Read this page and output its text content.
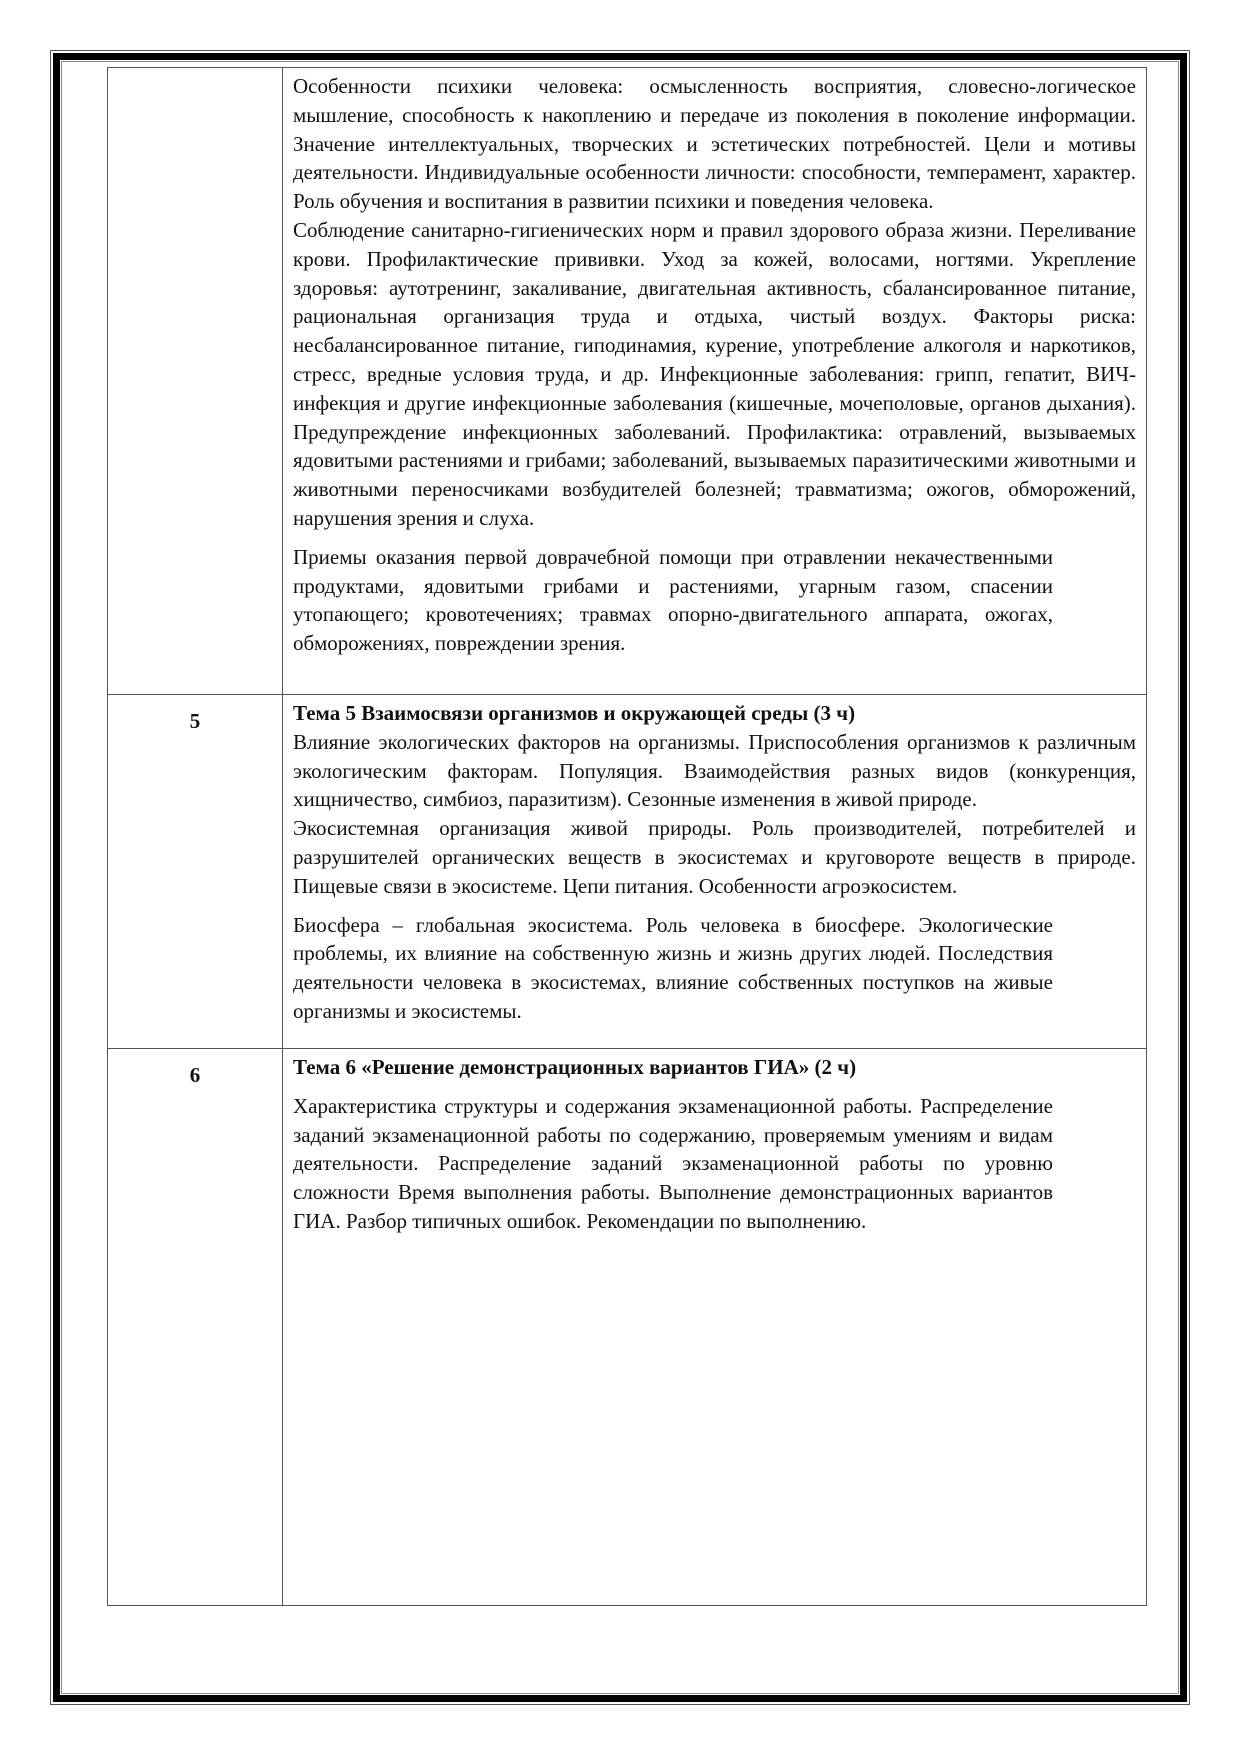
	Особенности психики человека: осмысленность восприятия, словесно-логическое мышление, способность к накоплению и передаче из поколения в поколение информации. Значение интеллектуальных, творческих и эстетических потребностей. Цели и мотивы деятельности. Индивидуальные особенности личности: способности, темперамент, характер. Роль обучения и воспитания в развитии психики и поведения человека.

Соблюдение санитарно-гигиенических норм и правил здорового образа жизни. Переливание крови. Профилактические прививки. Уход за кожей, волосами, ногтями. Укрепление здоровья: аутотренинг, закаливание, двигательная активность, сбалансированное питание, рациональная организация труда и отдыха, чистый воздух. Факторы риска: несбалансированное питание, гиподинамия, курение, употребление алкоголя и наркотиков, стресс, вредные условия труда, и др. Инфекционные заболевания: грипп, гепатит, ВИЧ-инфекция и другие инфекционные заболевания (кишечные, мочеполовые, органов дыхания). Предупреждение инфекционных заболеваний. Профилактика: отравлений, вызываемых ядовитыми растениями и грибами; заболеваний, вызываемых паразитическими животными и животными переносчиками возбудителей болезней; травматизма; ожогов, обморожений, нарушения зрения и слуха.

Приемы оказания первой доврачебной помощи при отравлении некачественными продуктами, ядовитыми грибами и растениями, угарным газом, спасении утопающего; кровотечениях; травмах опорно-двигательного аппарата, ожогах, обморожениях, повреждении зрения.

5	Тема 5 Взаимосвязи организмов и окружающей среды (3 ч)

Влияние экологических факторов на организмы. Приспособления организмов к различным экологическим факторам. Популяция. Взаимодействия разных видов (конкуренция, хищничество, симбиоз, паразитизм). Сезонные изменения в живой природе.

Экосистемная организация живой природы. Роль производителей, потребителей и разрушителей органических веществ в экосистемах и круговороте веществ в природе. Пищевые связи в экосистеме. Цепи питания. Особенности агроэкосистем.

Биосфера – глобальная экосистема. Роль человека в биосфере. Экологические проблемы, их влияние на собственную жизнь и жизнь других людей. Последствия деятельности человека в экосистемах, влияние собственных поступков на живые организмы и экосистемы.

6	Тема 6 «Решение демонстрационных вариантов ГИА» (2 ч)

Характеристика структуры и содержания экзаменационной работы. Распределение заданий экзаменационной работы по содержанию, проверяемым умениям и видам деятельности. Распределение заданий экзаменационной работы по уровню сложности Время выполнения работы. Выполнение демонстрационных вариантов ГИА. Разбор типичных ошибок. Рекомендации по выполнению.
